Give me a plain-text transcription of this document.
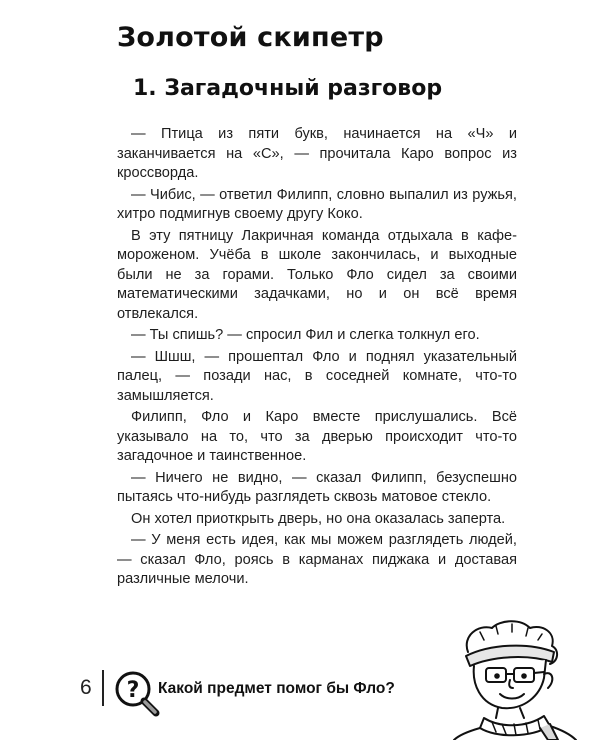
Золотой скипетр
1. Загадочный разговор

— Птица из пяти букв, начинается на «Ч» и заканчивается на «С», — прочитала Каро вопрос из кроссворда.

— Чибис, — ответил Филипп, словно выпалил из ружья, хитро подмигнув своему другу Коко.

В эту пятницу Лакричная команда отдыхала в кафе-мороженом. Учёба в школе закончилась, и выходные были не за горами. Только Фло сидел за своими математическими задачками, но и он всё время отвлекался.

— Ты спишь? — спросил Фил и слегка толкнул его.

— Шшш, — прошептал Фло и поднял указательный палец, — позади нас, в соседней комнате, что-то замышляется.

Филипп, Фло и Каро вместе прислушались. Всё указывало на то, что за дверью происходит что-то загадочное и таинственное.

— Ничего не видно, — сказал Филипп, безуспешно пытаясь что-нибудь разглядеть сквозь матовое стекло.

Он хотел приоткрыть дверь, но она оказалась заперта.

— У меня есть идея, как мы можем разглядеть людей, — сказал Фло, роясь в карманах пиджака и доставая различные мелочи.

6 ? Какой предмет помог бы Фло?
